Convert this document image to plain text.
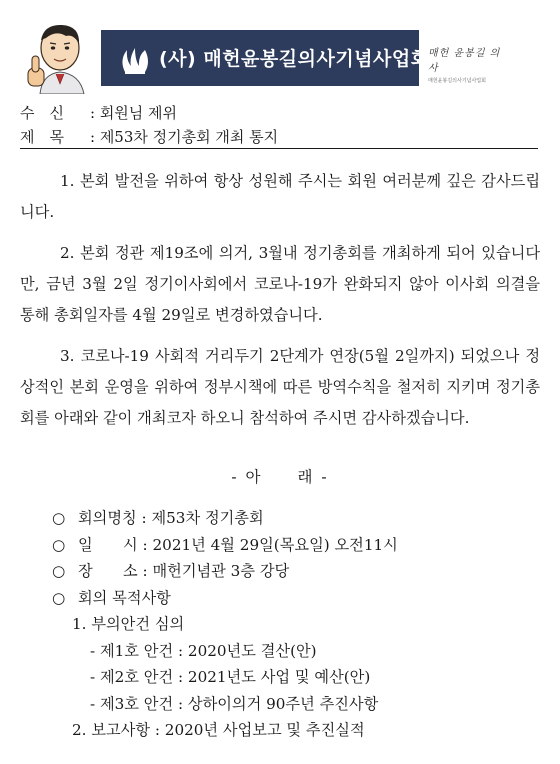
(사) 매헌윤봉길의사기념사업회
매헌 윤봉길 의사
매헌윤봉길의사기념사업회
수　신 : 회원님 제위
제　목 : 제53차 정기총회 개최 통지

1. 본회 발전을 위하여 항상 성원해 주시는 회원 여러분께 깊은 감사드립니다.

2. 본회 정관 제19조에 의거, 3월내 정기총회를 개최하게 되어 있습니다만, 금년 3월 2일 정기이사회에서 코로나-19가 완화되지 않아 이사회 의결을 통해 총회일자를 4월 29일로 변경하였습니다.

3. 코로나-19 사회적 거리두기 2단계가 연장(5월 2일까지) 되었으나 정상적인 본회 운영을 위하여 정부시책에 따른 방역수칙을 철저히 지키며 정기총회를 아래와 같이 개최코자 하오니 참석하여 주시면 감사하겠습니다.

- 아　　래 -
○ 회의명칭 : 제53차 정기총회
○ 일　　시 : 2021년 4월 29일(목요일) 오전11시
○ 장　　소 : 매헌기념관 3층 강당
○ 회의 목적사항
1. 부의안건 심의
- 제1호 안건 : 2020년도 결산(안)
- 제2호 안건 : 2021년도 사업 및 예산(안)
- 제3호 안건 : 상하이의거 90주년 추진사항
2. 보고사항 : 2020년 사업보고 및 추진실적
